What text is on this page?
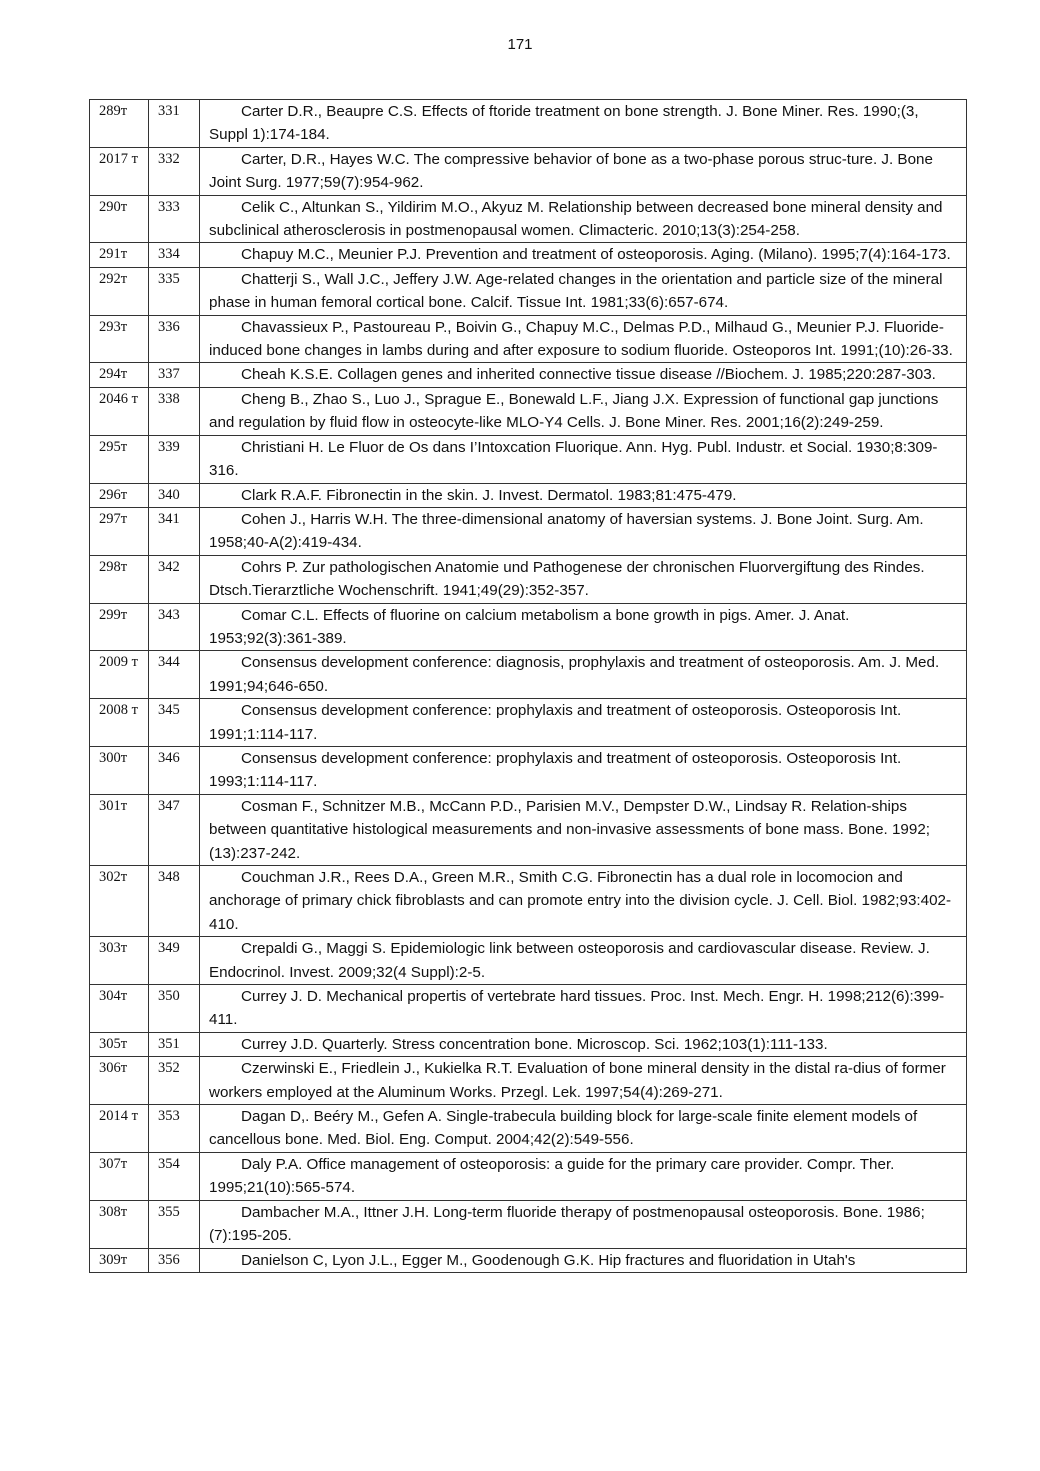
171
289т	331	Carter D.R., Beaupre C.S. Effects of ftoride treatment on bone strength. J. Bone Miner. Res. 1990;(3, Suppl 1):174-184.

2017 т	332	Carter, D.R., Hayes W.C. The compressive behavior of bone as a two-phase porous struc-ture. J. Bone Joint Surg. 1977;59(7):954-962.

290т	333	Celik C., Altunkan S., Yildirim M.O., Akyuz M. Relationship between decreased bone mineral density and subclinical atherosclerosis in postmenopausal women. Climacteric. 2010;13(3):254-258.

291т	334	Chapuy M.C., Meunier P.J. Prevention and treatment of osteoporosis. Aging. (Milano). 1995;7(4):164-173.

292т	335	Chatterji S., Wall J.C., Jeffery J.W. Age-related changes in the orientation and particle size of the mineral phase in human femoral cortical bone. Calcif. Tissue Int. 1981;33(6):657-674.

293т	336	Chavassieux P., Pastoureau P., Boivin G., Chapuy M.C., Delmas P.D., Milhaud G., Meunier P.J. Fluoride-induced bone changes in lambs during and after exposure to sodium fluoride. Osteoporos Int. 1991;(10):26-33.

294т	337	Cheah K.S.E. Collagen genes and inherited connective tissue disease //Biochem. J. 1985;220:287-303.

2046 т	338	Cheng B., Zhao S., Luo J., Sprague E., Bonewald L.F., Jiang J.X. Expression of functional gap junctions and regulation by fluid flow in osteocyte-like MLO-Y4 Cells. J. Bone Miner. Res. 2001;16(2):249-259.

295т	339	Christiani H. Le Fluor de Os dans I’Intoxcation Fluorique. Ann. Hyg. Publ. Industr. et Social. 1930;8:309-316.

296т	340	Clark R.A.F. Fibronectin in the skin. J. Invest. Dermatol. 1983;81:475-479.

297т	341	Cohen J., Harris W.H. The three-dimensional anatomy of haversian systems. J. Bone Joint. Surg. Am. 1958;40-A(2):419-434.

298т	342	Cohrs P. Zur pathologischen Anatomie und Pathogenese der chronischen Fluorvergiftung des Rindes. Dtsch.Tierarztliche Wochenschrift. 1941;49(29):352-357.

299т	343	Comar C.L. Effects of fluorine on calcium metabolism a bone growth in pigs. Amer. J. Anat. 1953;92(3):361-389.

2009 т	344	Consensus development conference: diagnosis, prophylaxis and treatment of osteoporosis. Am. J. Med. 1991;94;646-650.

2008 т	345	Consensus development conference: prophylaxis and treatment of osteoporosis. Osteoporosis Int. 1991;1:114-117.

300т	346	Consensus development conference: prophylaxis and treatment of osteoporosis. Osteoporosis Int. 1993;1:114-117.

301т	347	Cosman F., Schnitzer M.B., McCann P.D., Parisien M.V., Dempster D.W., Lindsay R. Relation-ships between quantitative histological measurements and non-invasive assessments of bone mass. Bone. 1992;(13):237-242.

302т	348	Couchman J.R., Rees D.A., Green M.R., Smith C.G. Fibronectin has a dual role in locomocion and anchorage of primary chick fibroblasts and can promote entry into the division cycle. J. Cell. Biol. 1982;93:402-410.

303т	349	Crepaldi G., Maggi S. Epidemiologic link between osteoporosis and cardiovascular disease. Review. J. Endocrinol. Invest. 2009;32(4 Suppl):2-5.

304т	350	Currey J. D. Mechanical propertis of vertebrate hard tissues. Proc. Inst. Mech. Engr. H. 1998;212(6):399-411.

305т	351	Currey J.D. Quarterly. Stress concentration bone. Microscop. Sci. 1962;103(1):111-133.

306т	352	Czerwinski E., Friedlein J., Kukielka R.T. Evaluation of bone mineral density in the distal ra-dius of former workers employed at the Aluminum Works. Przegl. Lek. 1997;54(4):269-271.

2014 т	353	Dagan D,. Beéry M., Gefen A. Single-trabecula building block for large-scale finite element models of cancellous bone. Med. Biol. Eng. Comput. 2004;42(2):549-556.

307т	354	Daly P.A. Office management of osteoporosis: a guide for the primary care provider. Compr. Ther. 1995;21(10):565-574.

308т	355	Dambacher M.A., Ittner J.H. Long-term fluoride therapy of postmenopausal osteoporosis. Bone. 1986;(7):195-205.

309т	356	Danielson C, Lyon J.L., Egger M., Goodenough G.K. Hip fractures and fluoridation in Utah's
